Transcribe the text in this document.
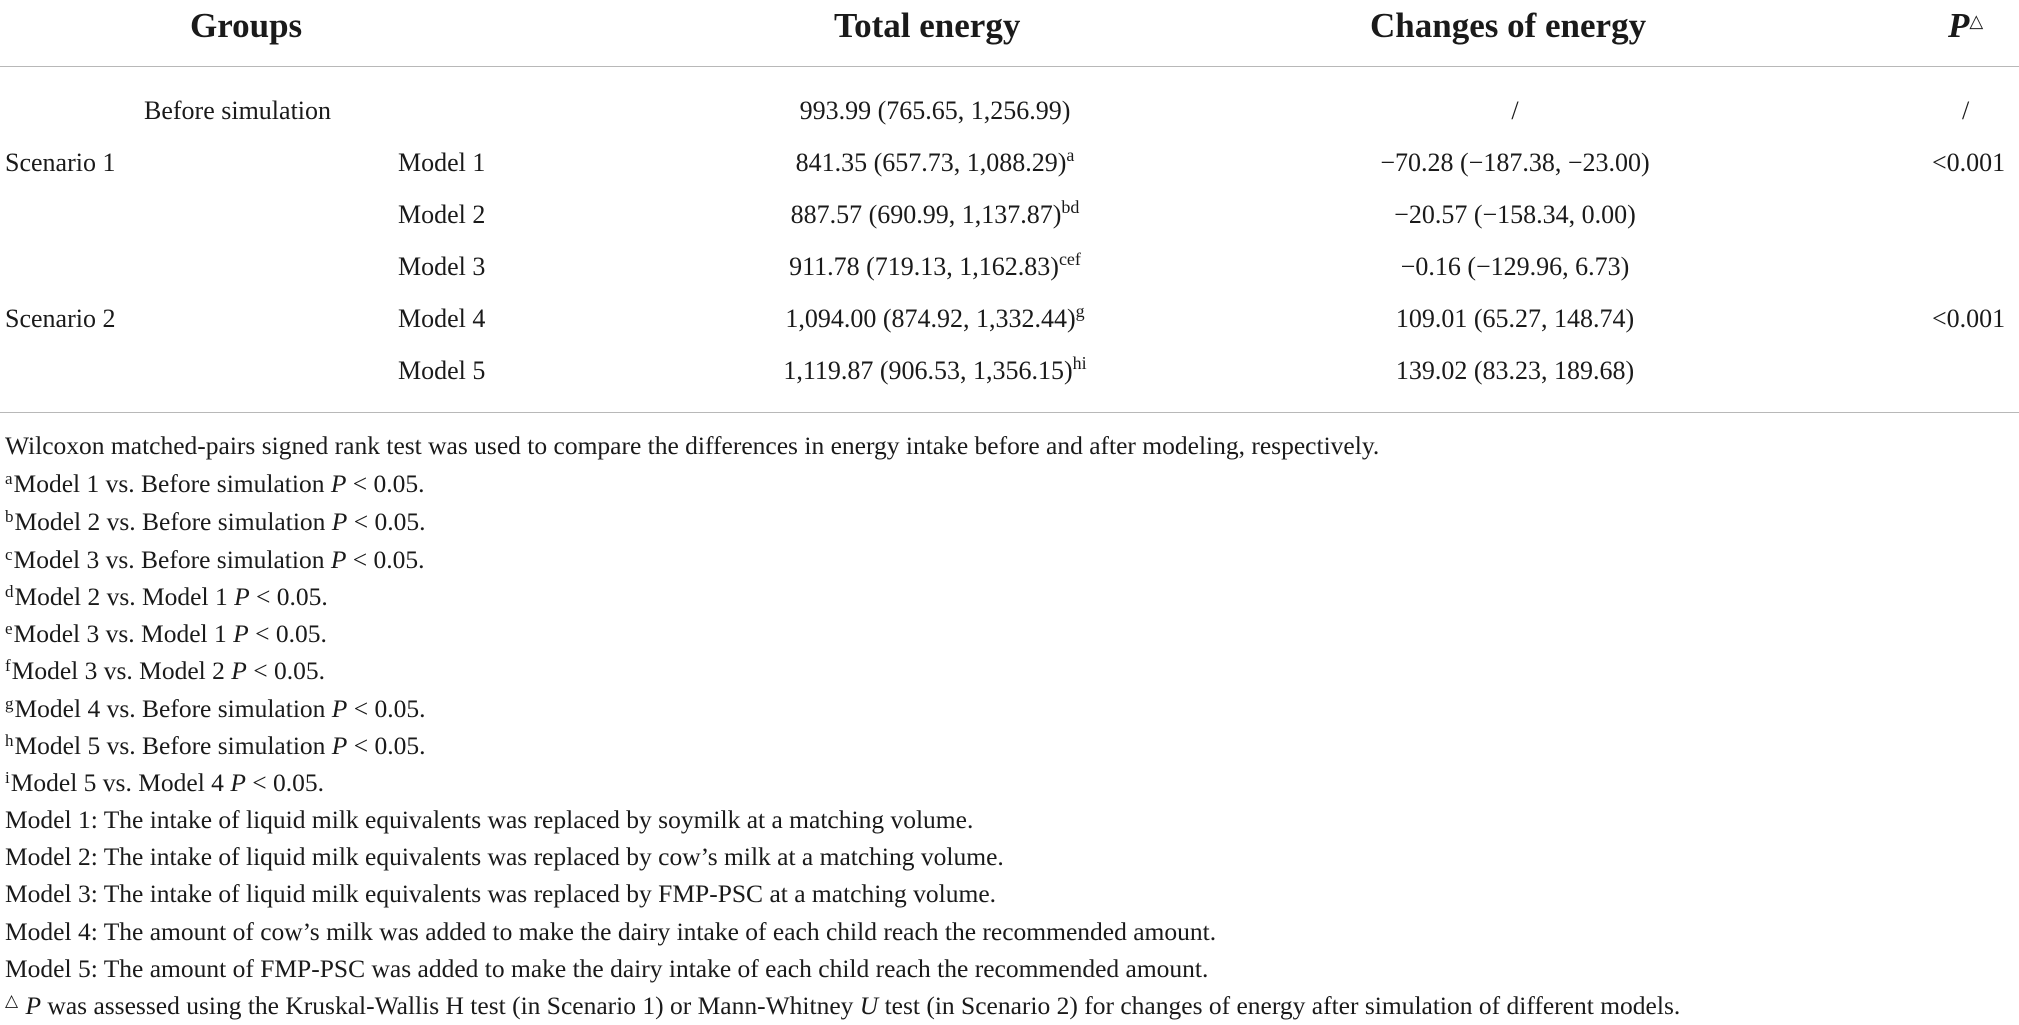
Groups	Total energy	Changes of energy	P△
Before simulation	993.99 (765.65, 1,256.99)	/	/
Scenario 1	Model 1	841.35 (657.73, 1,088.29)$^a$	−70.28 (−187.38, −23.00)	<0.001
Model 2	887.57 (690.99, 1,137.87)$^{bd}$	−20.57 (−158.34, 0.00)
Model 3	911.78 (719.13, 1,162.83)$^{cef}$	−0.16 (−129.96, 6.73)
Scenario 2	Model 4	1,094.00 (874.92, 1,332.44)$^g$	109.01 (65.27, 148.74)	<0.001
Model 5	1,119.87 (906.53, 1,356.15)$^{hi}$	139.02 (83.23, 189.68)
Wilcoxon matched-pairs signed rank test was used to compare the differences in energy intake before and after modeling, respectively.
$^a$Model 1 vs. Before simulation P < 0.05.
$^b$Model 2 vs. Before simulation P < 0.05.
$^c$Model 3 vs. Before simulation P < 0.05.
$^d$Model 2 vs. Model 1 P < 0.05.
$^e$Model 3 vs. Model 1 P < 0.05.
$^f$Model 3 vs. Model 2 P < 0.05.
$^g$Model 4 vs. Before simulation P < 0.05.
$^h$Model 5 vs. Before simulation P < 0.05.
$^i$Model 5 vs. Model 4 P < 0.05.
Model 1: The intake of liquid milk equivalents was replaced by soymilk at a matching volume.
Model 2: The intake of liquid milk equivalents was replaced by cow’s milk at a matching volume.
Model 3: The intake of liquid milk equivalents was replaced by FMP-PSC at a matching volume.
Model 4: The amount of cow’s milk was added to make the dairy intake of each child reach the recommended amount.
Model 5: The amount of FMP-PSC was added to make the dairy intake of each child reach the recommended amount.
△ P was assessed using the Kruskal-Wallis H test (in Scenario 1) or Mann-Whitney U test (in Scenario 2) for changes of energy after simulation of different models.
